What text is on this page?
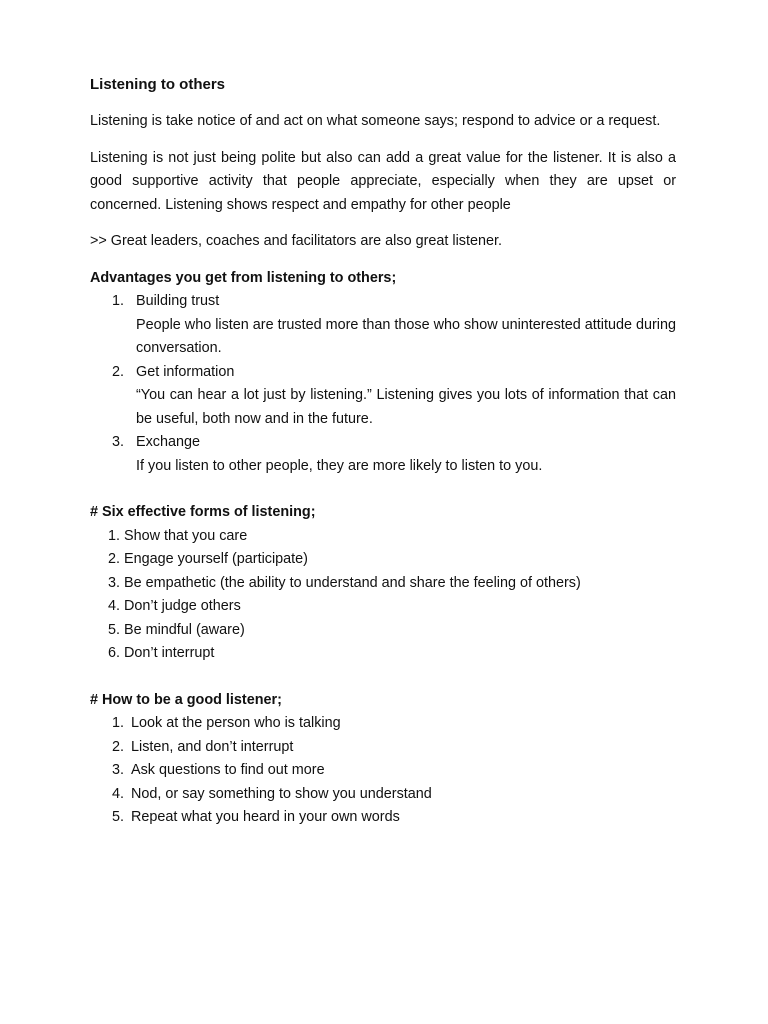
Listening to others

Listening is take notice of and act on what someone says; respond to advice or a request.

Listening is not just being polite but also can add a great value for the listener. It is also a good supportive activity that people appreciate, especially when they are upset or concerned. Listening shows respect and empathy for other people

>> Great leaders, coaches and facilitators are also great listener.

Advantages you get from listening to others;
1. Building trust
People who listen are trusted more than those who show uninterested attitude during conversation.
2. Get information
“You can hear a lot just by listening.” Listening gives you lots of information that can be useful, both now and in the future.
3. Exchange
If you listen to other people, they are more likely to listen to you.
# Six effective forms of listening;
1. Show that you care
2. Engage yourself (participate)
3. Be empathetic (the ability to understand and share the feeling of others)
4. Don’t judge others
5. Be mindful (aware)
6. Don’t interrupt
# How to be a good listener;
1. Look at the person who is talking
2. Listen, and don’t interrupt
3. Ask questions to find out more
4. Nod, or say something to show you understand
5. Repeat what you heard in your own words
